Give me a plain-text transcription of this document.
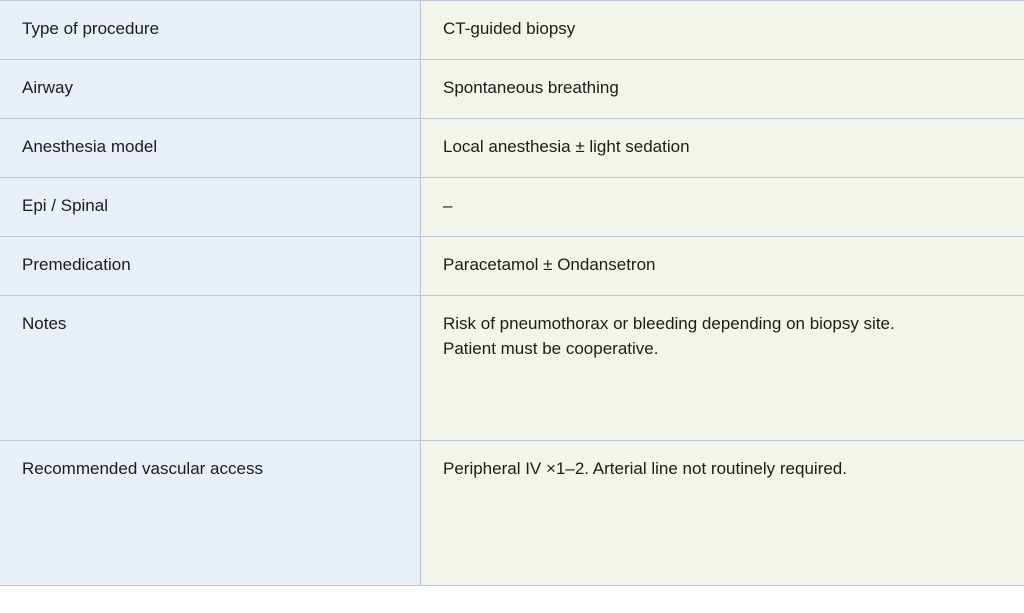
Type of procedure	CT-guided biopsy

Airway	Spontaneous breathing

Anesthesia model	Local anesthesia ± light sedation

Epi / Spinal	–

Premedication	Paracetamol ± Ondansetron

Notes	Risk of pneumothorax or bleeding depending on biopsy site.
Patient must be cooperative.

Recommended vascular access	Peripheral IV ×1–2. Arterial line not routinely required.
